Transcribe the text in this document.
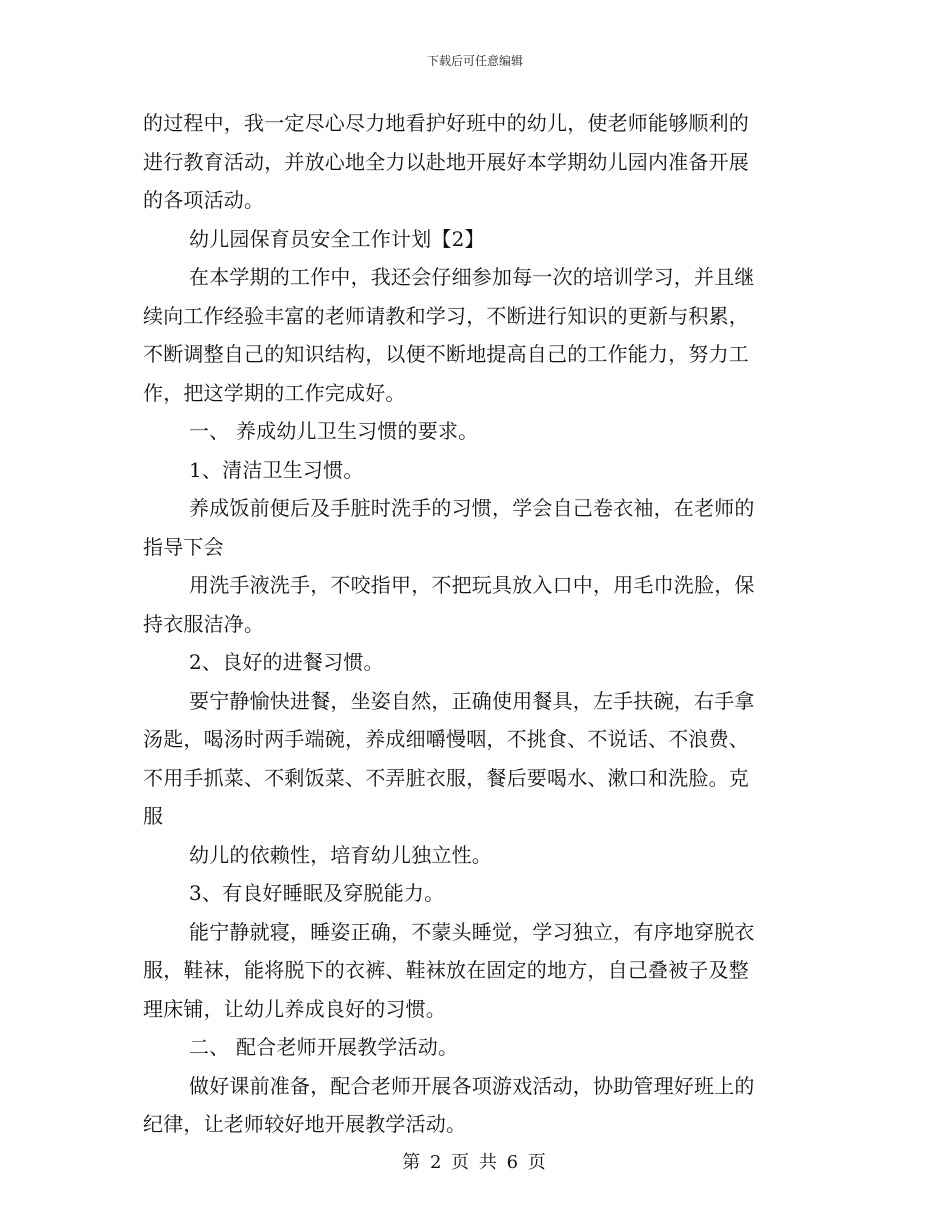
下载后可任意编辑
的过程中，我一定尽心尽力地看护好班中的幼儿，使老师能够顺利的
进行教育活动，并放心地全力以赴地开展好本学期幼儿园内准备开展
的各项活动。
幼儿园保育员安全工作计划【2】
在本学期的工作中，我还会仔细参加每一次的培训学习，并且继
续向工作经验丰富的老师请教和学习，不断进行知识的更新与积累，
不断调整自己的知识结构，以便不断地提高自己的工作能力，努力工
作，把这学期的工作完成好。
一、 养成幼儿卫生习惯的要求。
1、清洁卫生习惯。
养成饭前便后及手脏时洗手的习惯，学会自己卷衣袖，在老师的
指导下会
用洗手液洗手，不咬指甲，不把玩具放入口中，用毛巾洗脸，保
持衣服洁净。
2、良好的进餐习惯。
要宁静愉快进餐，坐姿自然，正确使用餐具，左手扶碗，右手拿
汤匙，喝汤时两手端碗，养成细嚼慢咽，不挑食、不说话、不浪费、
不用手抓菜、不剩饭菜、不弄脏衣服，餐后要喝水、漱口和洗脸。克
服
幼儿的依赖性，培育幼儿独立性。
3、有良好睡眠及穿脱能力。
能宁静就寝，睡姿正确，不蒙头睡觉，学习独立，有序地穿脱衣
服，鞋袜，能将脱下的衣裤、鞋袜放在固定的地方，自己叠被子及整
理床铺，让幼儿养成良好的习惯。
二、 配合老师开展教学活动。
做好课前准备，配合老师开展各项游戏活动，协助管理好班上的
纪律，让老师较好地开展教学活动。
第 2 页 共 6 页
